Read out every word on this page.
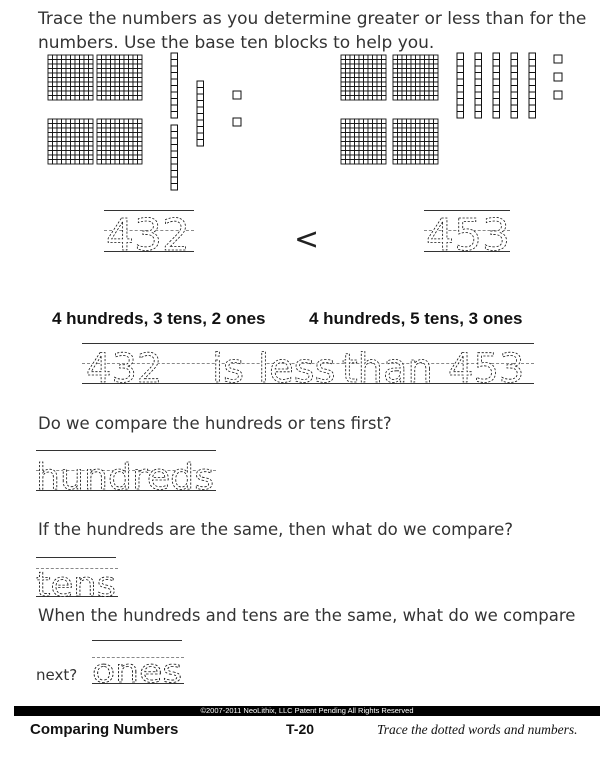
Trace the numbers as you determine greater or less than for the numbers. Use the base ten blocks to help you.
432	< 453
4 hundreds, 3 tens, 2 ones	4 hundreds, 5 tens, 3 ones
432 is less than 453
Do we compare the hundreds or tens first?
hundreds
If the hundreds are the same, then what do we compare?
tens
When the hundreds and tens are the same, what do we compare
next? ones
©2007-2011 NeoLithix, LLC Patent Pending All Rights Reserved
Comparing Numbers	T-20	Trace the dotted words and numbers.
